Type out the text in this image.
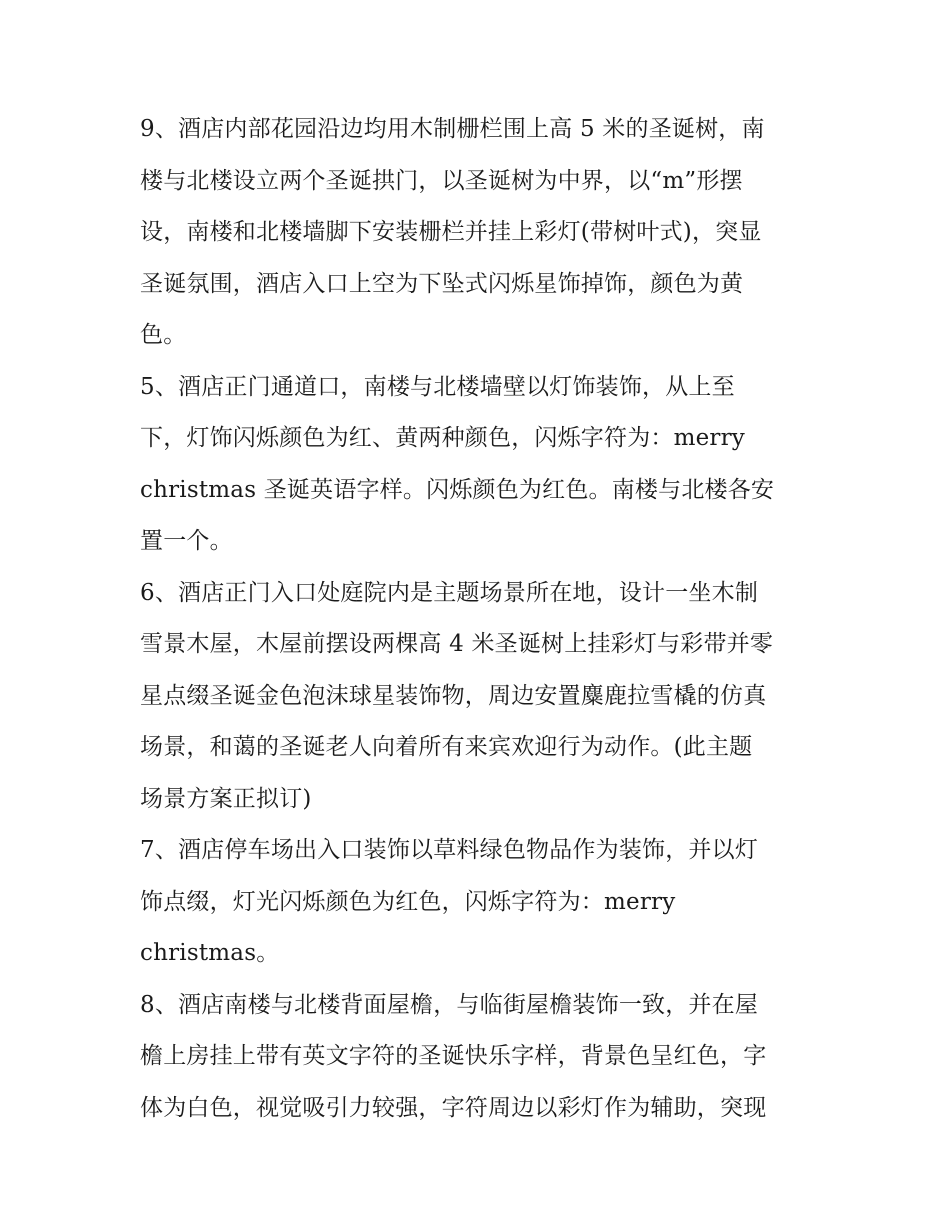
9、酒店内部花园沿边均用木制栅栏围上高 5 米的圣诞树，南
楼与北楼设立两个圣诞拱门，以圣诞树为中界，以“m”形摆
设，南楼和北楼墙脚下安装栅栏并挂上彩灯(带树叶式)，突显
圣诞氛围，酒店入口上空为下坠式闪烁星饰掉饰，颜色为黄
色。
5、酒店正门通道口，南楼与北楼墙壁以灯饰装饰，从上至
下，灯饰闪烁颜色为红、黄两种颜色，闪烁字符为：merry
christmas 圣诞英语字样。闪烁颜色为红色。南楼与北楼各安
置一个。
6、酒店正门入口处庭院内是主题场景所在地，设计一坐木制
雪景木屋，木屋前摆设两棵高 4 米圣诞树上挂彩灯与彩带并零
星点缀圣诞金色泡沫球星装饰物，周边安置麋鹿拉雪橇的仿真
场景，和蔼的圣诞老人向着所有来宾欢迎行为动作。(此主题
场景方案正拟订)
7、酒店停车场出入口装饰以草料绿色物品作为装饰，并以灯
饰点缀，灯光闪烁颜色为红色，闪烁字符为：merry
christmas。
8、酒店南楼与北楼背面屋檐，与临街屋檐装饰一致，并在屋
檐上房挂上带有英文字符的圣诞快乐字样，背景色呈红色，字
体为白色，视觉吸引力较强，字符周边以彩灯作为辅助，突现
